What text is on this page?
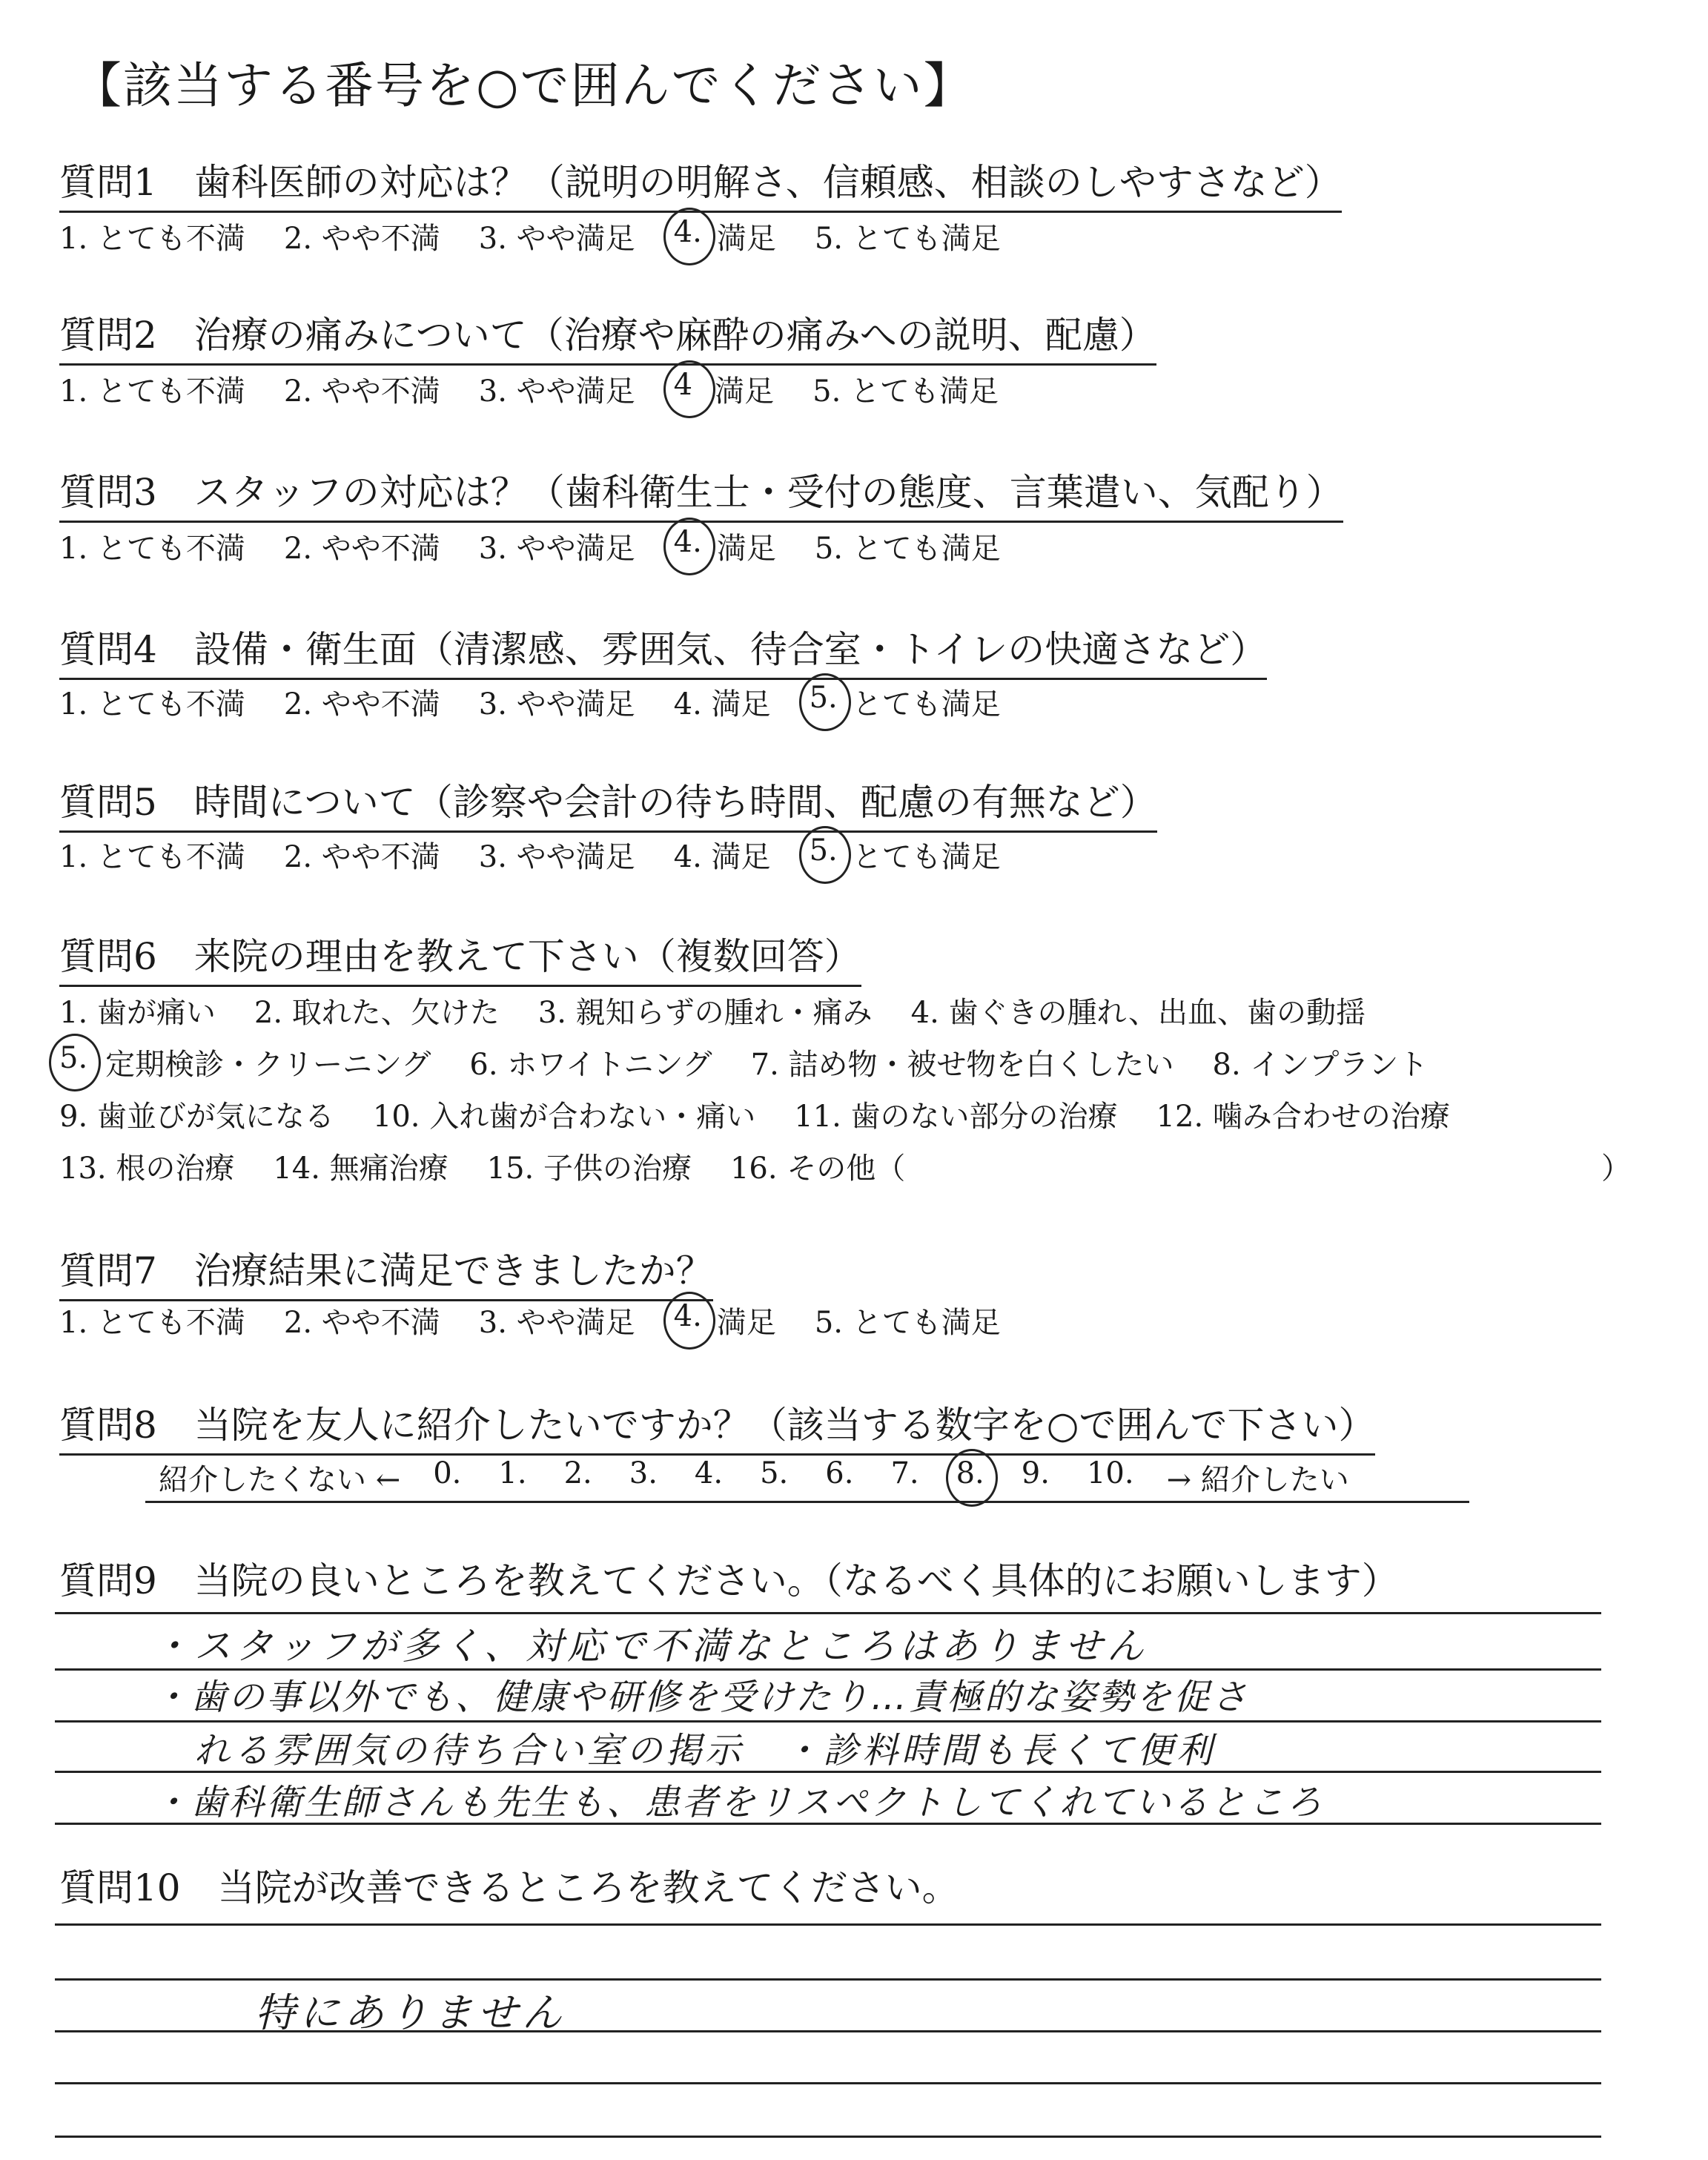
【該当する番号を○で囲んでください】
質問1　歯科医師の対応は？（説明の明解さ、信頼感、相談のしやすさなど）
1. とても不満 2. やや不満 3. やや満足 4. 満足 5. とても満足
質問2　治療の痛みについて（治療や麻酔の痛みへの説明、配慮）
1. とても不満 2. やや不満 3. やや満足 4 満足 5. とても満足
質問3　スタッフの対応は？（歯科衛生士・受付の態度、言葉遣い、気配り）
1. とても不満 2. やや不満 3. やや満足 4. 満足 5. とても満足
質問4　設備・衛生面（清潔感、雰囲気、待合室・トイレの快適さなど）
1. とても不満 2. やや不満 3. やや満足 4. 満足 5. とても満足
質問5　時間について（診察や会計の待ち時間、配慮の有無など）
1. とても不満 2. やや不満 3. やや満足 4. 満足 5. とても満足
質問6　来院の理由を教えて下さい（複数回答）
1. 歯が痛い 2. 取れた、欠けた 3. 親知らずの腫れ・痛み 4. 歯ぐきの腫れ、出血、歯の動揺
5. 定期検診・クリーニング 6. ホワイトニング 7. 詰め物・被せ物を白くしたい 8. インプラント
9. 歯並びが気になる 10. 入れ歯が合わない・痛い 11. 歯のない部分の治療 12. 噛み合わせの治療
13. 根の治療 14. 無痛治療 15. 子供の治療 16. その他（	）
質問7　治療結果に満足できましたか？
1. とても不満 2. やや不満 3. やや満足 4. 満足 5. とても満足
質問8　当院を友人に紹介したいですか？（該当する数字を○で囲んで下さい）
紹介したくない ← 0. 1. 2. 3. 4. 5. 6. 7. 8. 9. 10. → 紹介したい
質問9　当院の良いところを教えてください。（なるべく具体的にお願いします）
・スタッフが多く、対応で不満なところはありません
・歯の事以外でも、健康や研修を受けたり…責極的な姿勢を促さ
れる雰囲気の待ち合い室の掲示　・診料時間も長くて便利
・歯科衛生師さんも先生も、患者をリスペクトしてくれているところ
質問10　当院が改善できるところを教えてください。
特にありません
